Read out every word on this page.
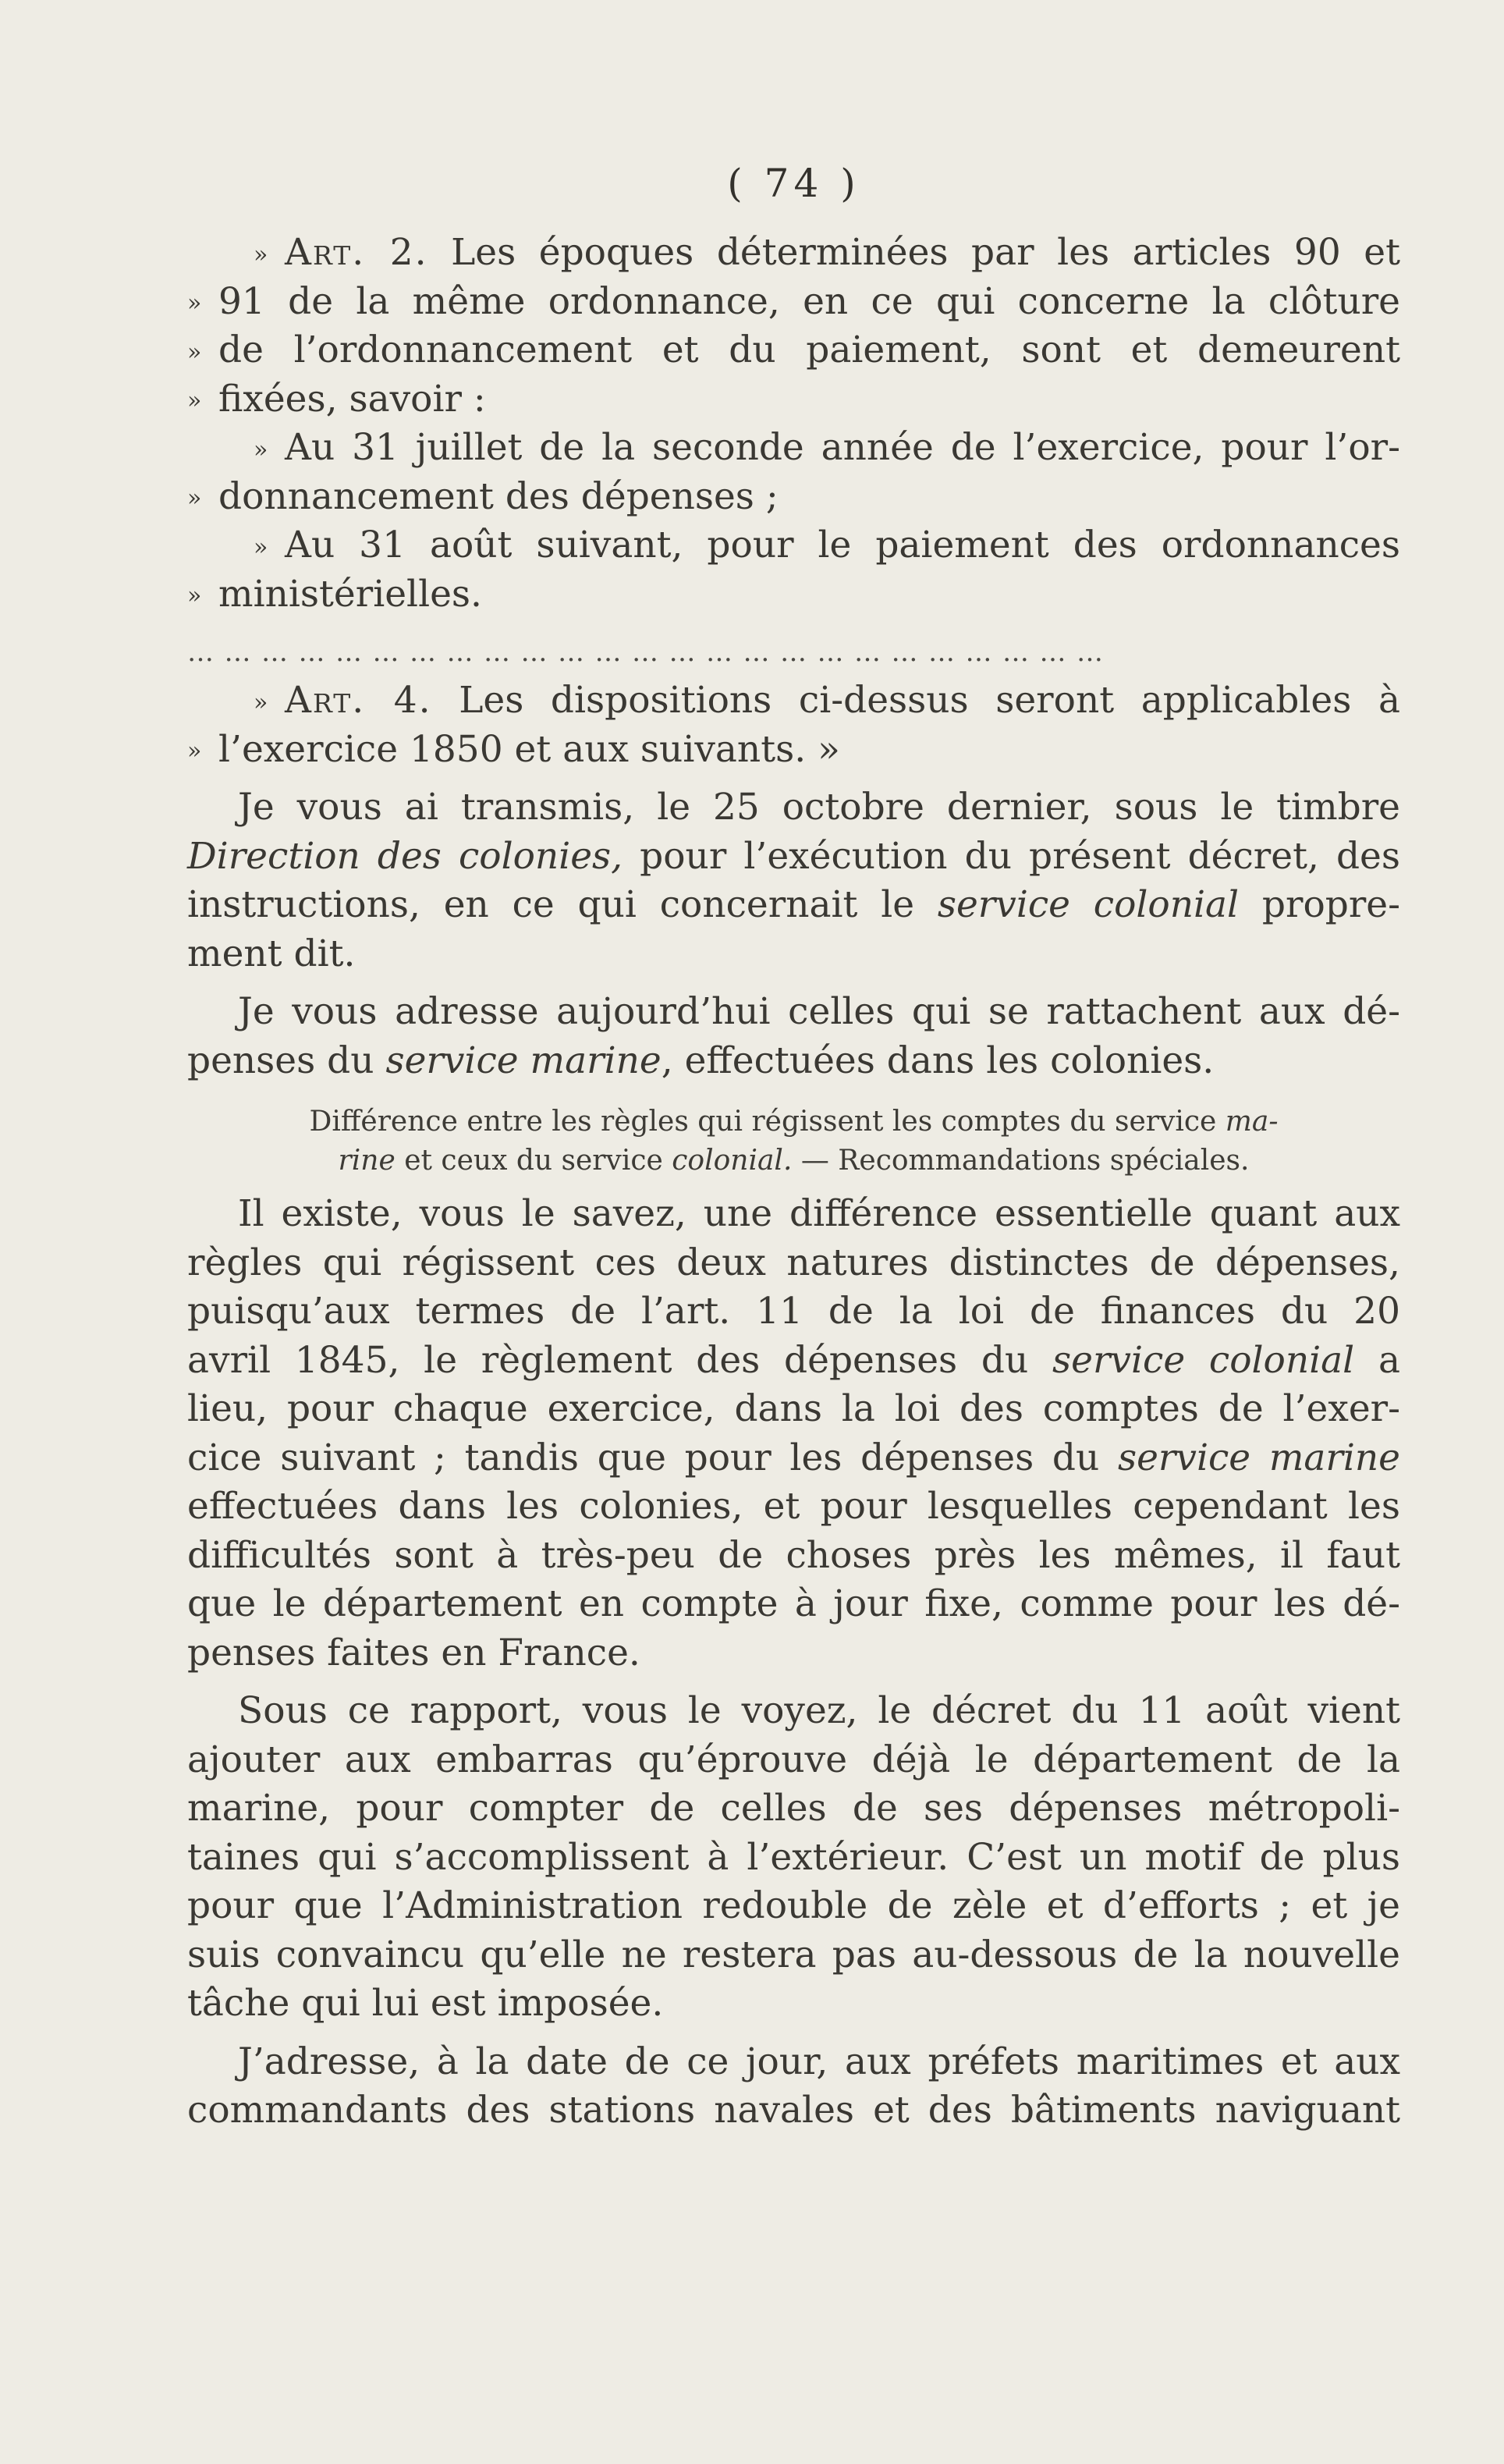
( 74 )
» Art. 2. Les époques déterminées par les articles 90 et
» 91 de la même ordonnance, en ce qui concerne la clôture
» de l’ordonnancement et du paiement, sont et demeurent
» fixées, savoir :
» Au 31 juillet de la seconde année de l’exercice, pour l’or-
» donnancement des dépenses ;
» Au 31 août suivant, pour le paiement des ordonnances
» ministérielles.
…………………………………………………………………
» Art. 4. Les dispositions ci-dessus seront applicables à
» l’exercice 1850 et aux suivants. »
Je vous ai transmis, le 25 octobre dernier, sous le timbre
Direction des colonies, pour l’exécution du présent décret, des
instructions, en ce qui concernait le service colonial propre-
ment dit.
Je vous adresse aujourd’hui celles qui se rattachent aux dé-
penses du service marine, effectuées dans les colonies.
Différence entre les règles qui régissent les comptes du service ma-
rine et ceux du service colonial. — Recommandations spéciales.
Il existe, vous le savez, une différence essentielle quant aux
règles qui régissent ces deux natures distinctes de dépenses,
puisqu’aux termes de l’art. 11 de la loi de finances du 20
avril 1845, le règlement des dépenses du service colonial a
lieu, pour chaque exercice, dans la loi des comptes de l’exer-
cice suivant ; tandis que pour les dépenses du service marine
effectuées dans les colonies, et pour lesquelles cependant les
difficultés sont à très-peu de choses près les mêmes, il faut
que le département en compte à jour fixe, comme pour les dé-
penses faites en France.
Sous ce rapport, vous le voyez, le décret du 11 août vient
ajouter aux embarras qu’éprouve déjà le département de la
marine, pour compter de celles de ses dépenses métropoli-
taines qui s’accomplissent à l’extérieur. C’est un motif de plus
pour que l’Administration redouble de zèle et d’efforts ; et je
suis convaincu qu’elle ne restera pas au-dessous de la nouvelle
tâche qui lui est imposée.
J’adresse, à la date de ce jour, aux préfets maritimes et aux
commandants des stations navales et des bâtiments naviguant
